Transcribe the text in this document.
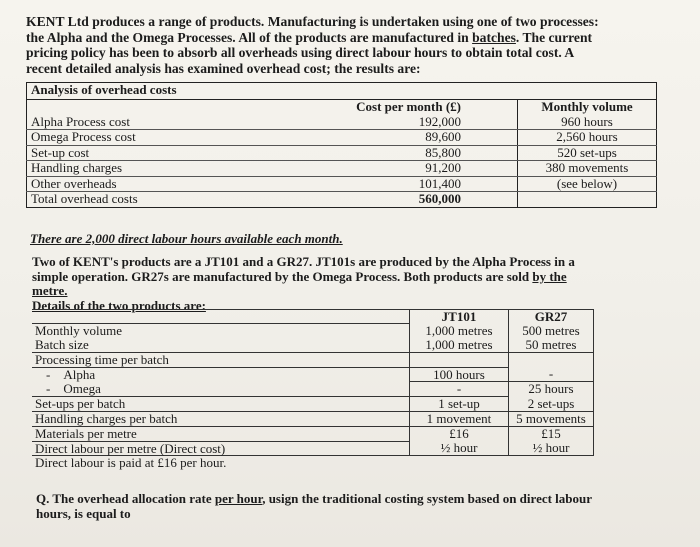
KENT Ltd produces a range of products. Manufacturing is undertaken using one of two processes: the Alpha and the Omega Processes. All of the products are manufactured in batches. The current pricing policy has been to absorb all overheads using direct labour hours to obtain total cost. A recent detailed analysis has examined overhead cost; the results are:

Analysis of overhead costs		
	Cost per month (£)	Monthly volume
Alpha Process cost	192,000	960 hours
Omega Process cost	89,600	2,560 hours
Set-up cost	85,800	520 set-ups
Handling charges	91,200	380 movements
Other overheads	101,400	(see below)
Total overhead costs	560,000	

There are 2,000 direct labour hours available each month.

Two of KENT's products are a JT101 and a GR27. JT101s are produced by the Alpha Process in a simple operation. GR27s are manufactured by the Omega Process. Both products are sold by the metre.
Details of the two products are:

	JT101	GR27
Monthly volume	1,000 metres	500 metres
Batch size	1,000 metres	50 metres
Processing time per batch		
- Alpha	100 hours	-
- Omega	-	25 hours
Set-ups per batch	1 set-up	2 set-ups
Handling charges per batch	1 movement	5 movements
Materials per metre	£16	£15
Direct labour per metre (Direct cost)	½ hour	½ hour
Direct labour is paid at £16 per hour.		

Q. The overhead allocation rate per hour, usign the traditional costing system based on direct labour hours, is equal to
